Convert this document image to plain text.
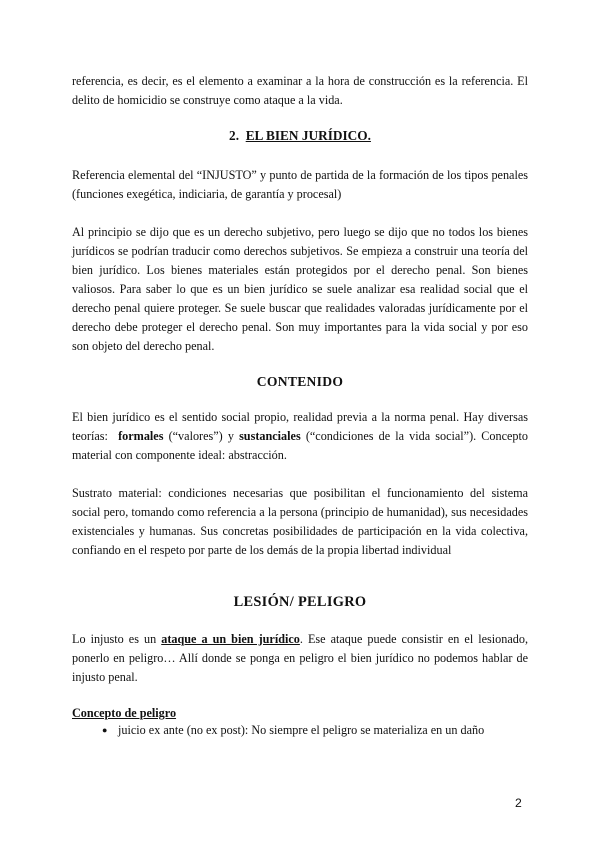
referencia, es decir, es el elemento a examinar a la hora de construcción es la referencia. El delito de homicidio se construye como ataque a la vida.

2. EL BIEN JURÍDICO.

Referencia elemental del “INJUSTO” y punto de partida de la formación de los tipos penales (funciones exegética, indiciaria, de garantía y procesal)

Al principio se dijo que es un derecho subjetivo, pero luego se dijo que no todos los bienes jurídicos se podrían traducir como derechos subjetivos. Se empieza a construir una teoría del bien jurídico. Los bienes materiales están protegidos por el derecho penal. Son bienes valiosos. Para saber lo que es un bien jurídico se suele analizar esa realidad social que el derecho penal quiere proteger. Se suele buscar que realidades valoradas jurídicamente por el derecho debe proteger el derecho penal. Son muy importantes para la vida social y por eso son objeto del derecho penal.

CONTENIDO

El bien jurídico es el sentido social propio, realidad previa a la norma penal. Hay diversas teorías: formales (“valores”) y sustanciales (“condiciones de la vida social”). Concepto material con componente ideal: abstracción.

Sustrato material: condiciones necesarias que posibilitan el funcionamiento del sistema social pero, tomando como referencia a la persona (principio de humanidad), sus necesidades existenciales y humanas. Sus concretas posibilidades de participación en la vida colectiva, confiando en el respeto por parte de los demás de la propia libertad individual

LESIÓN/ PELIGRO

Lo injusto es un ataque a un bien jurídico. Ese ataque puede consistir en el lesionado, ponerlo en peligro… Allí donde se ponga en peligro el bien jurídico no podemos hablar de injusto penal.

Concepto de peligro
● juicio ex ante (no ex post): No siempre el peligro se materializa en un daño
2
